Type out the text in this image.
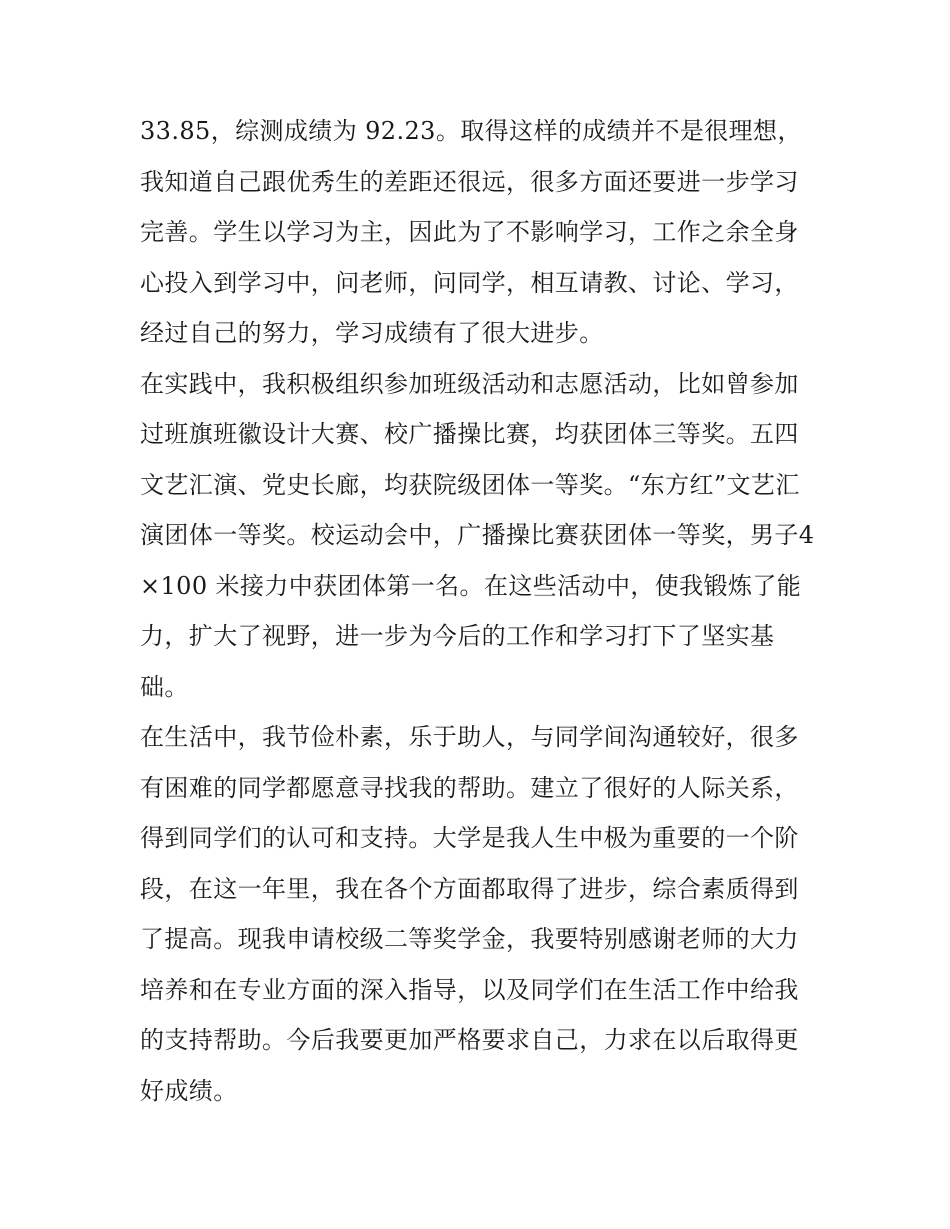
33.85，综测成绩为 92.23。取得这样的成绩并不是很理想，我知道自己跟优秀生的差距还很远，很多方面还要进一步学习完善。学生以学习为主，因此为了不影响学习，工作之余全身心投入到学习中，问老师，问同学，相互请教、讨论、学习，经过自己的努力，学习成绩有了很大进步。

在实践中，我积极组织参加班级活动和志愿活动，比如曾参加过班旗班徽设计大赛、校广播操比赛，均获团体三等奖。五四文艺汇演、党史长廊，均获院级团体一等奖。“东方红”文艺汇演团体一等奖。校运动会中，广播操比赛获团体一等奖，男子4×100 米接力中获团体第一名。在这些活动中，使我锻炼了能力，扩大了视野，进一步为今后的工作和学习打下了坚实基础。

在生活中，我节俭朴素，乐于助人，与同学间沟通较好，很多有困难的同学都愿意寻找我的帮助。建立了很好的人际关系，得到同学们的认可和支持。大学是我人生中极为重要的一个阶段，在这一年里，我在各个方面都取得了进步，综合素质得到了提高。现我申请校级二等奖学金，我要特别感谢老师的大力培养和在专业方面的深入指导，以及同学们在生活工作中给我的支持帮助。今后我要更加严格要求自己，力求在以后取得更好成绩。
